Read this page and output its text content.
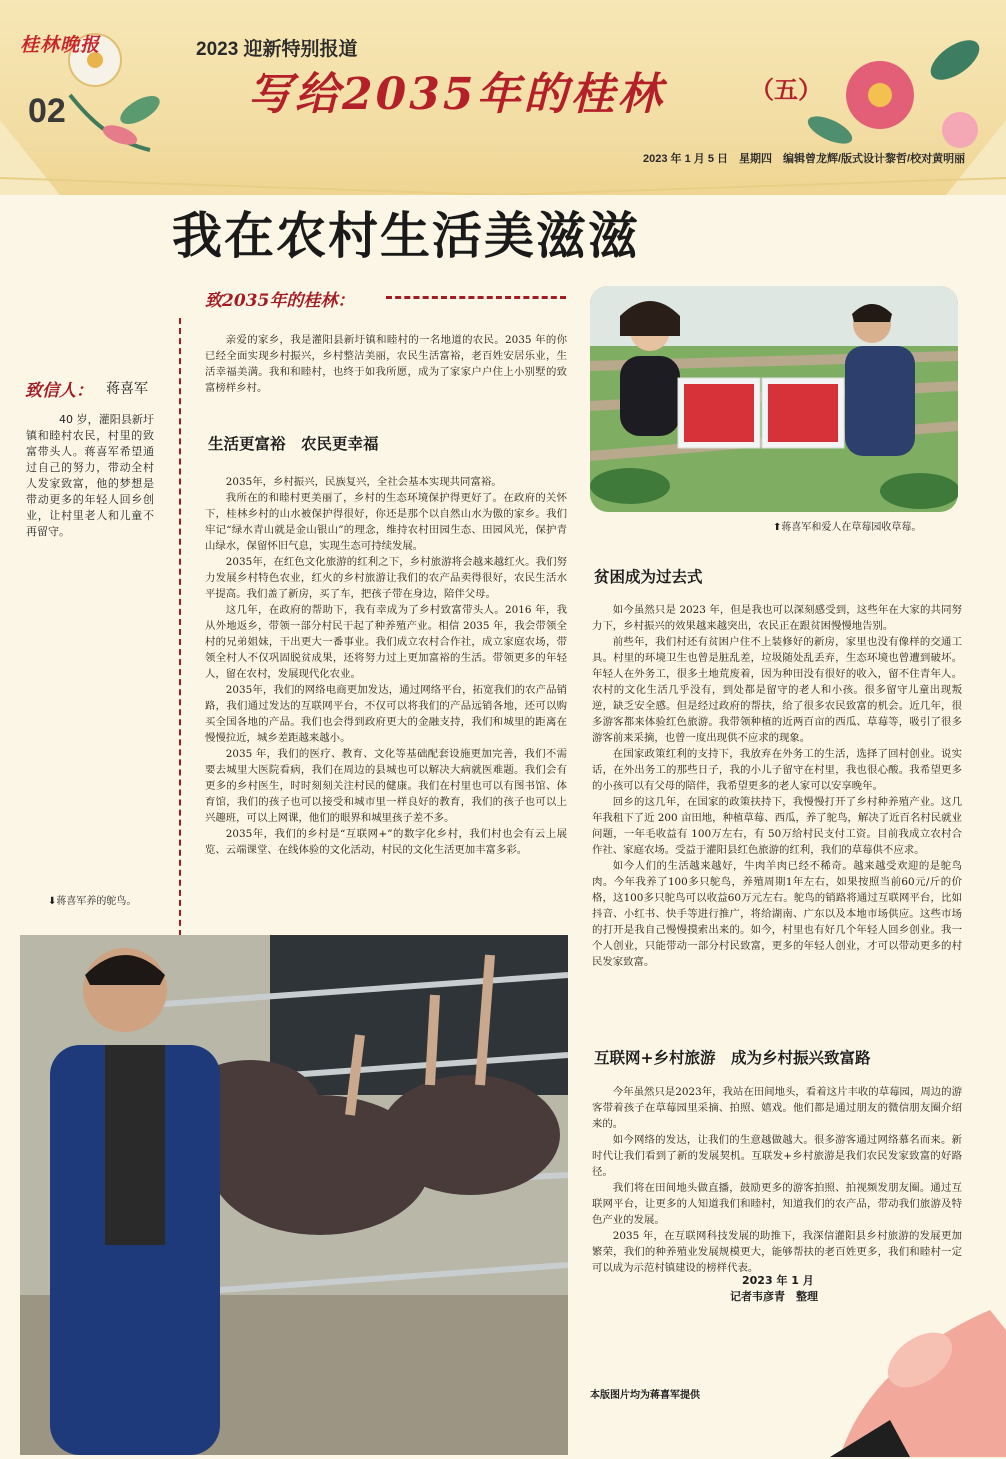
桂林晚报
02
2023 迎新特别报道
写给2035年的桂林	（五）
2023 年 1 月 5 日　星期四　编辑曾龙辉/版式设计黎哲/校对黄明丽
我在农村生活美滋滋
致2035年的桂林：

亲爱的家乡，我是灌阳县新圩镇和睦村的一名地道的农民。2035 年的你已经全面实现乡村振兴，乡村整洁美丽，农民生活富裕，老百姓安居乐业，生活幸福美满。我和和睦村，也终于如我所愿，成为了家家户户住上小别墅的致富榜样乡村。

致信人： 蒋喜军
40 岁，灌阳县新圩镇和睦村农民，村里的致富带头人。蒋喜军希望通过自己的努力，带动全村人发家致富，他的梦想是带动更多的年轻人回乡创业，让村里老人和儿童不再留守。
⬇蒋喜军养的鸵鸟。
生活更富裕　农民更幸福

2035年，乡村振兴，民族复兴，全社会基本实现共同富裕。

我所在的和睦村更美丽了，乡村的生态环境保护得更好了。在政府的关怀下，桂林乡村的山水被保护得很好，你还是那个以自然山水为傲的家乡。我们牢记“绿水青山就是金山银山”的理念，维持农村田园生态、田园风光，保护青山绿水，保留怀旧气息，实现生态可持续发展。

2035年，在红色文化旅游的红利之下，乡村旅游将会越来越红火。我们努力发展乡村特色农业，红火的乡村旅游让我们的农产品卖得很好，农民生活水平提高。我们盖了新房，买了车，把孩子带在身边，陪伴父母。

这几年，在政府的帮助下，我有幸成为了乡村致富带头人。2016 年，我从外地返乡，带领一部分村民干起了种养殖产业。相信 2035 年，我会带领全村的兄弟姐妹，干出更大一番事业。我们成立农村合作社，成立家庭农场，带领全村人不仅巩固脱贫成果，还将努力过上更加富裕的生活。带领更多的年轻人，留在农村，发展现代化农业。

2035年，我们的网络电商更加发达，通过网络平台，拓宽我们的农产品销路，我们通过发达的互联网平台，不仅可以将我们的产品远销各地，还可以购买全国各地的产品。我们也会得到政府更大的金融支持，我们和城里的距离在慢慢拉近，城乡差距越来越小。

2035 年，我们的医疗、教育、文化等基础配套设施更加完善，我们不需要去城里大医院看病，我们在周边的县城也可以解决大病就医难题。我们会有更多的乡村医生，时时刻刻关注村民的健康。我们在村里也可以有图书馆、体育馆，我们的孩子也可以接受和城市里一样良好的教育，我们的孩子也可以上兴趣班，可以上网课，他们的眼界和城里孩子差不多。

2035年，我们的乡村是“互联网+”的数字化乡村，我们村也会有云上展览、云端课堂、在线体验的文化活动，村民的文化生活更加丰富多彩。

⬆蒋喜军和爱人在草莓园收草莓。
贫困成为过去式

如今虽然只是 2023 年，但是我也可以深刻感受到，这些年在大家的共同努力下，乡村振兴的效果越来越突出，农民正在跟贫困慢慢地告别。

前些年，我们村还有贫困户住不上装修好的新房，家里也没有像样的交通工具。村里的环境卫生也曾是脏乱差，垃圾随处乱丢弃，生态环境也曾遭到破坏。年轻人在外务工，很多土地荒废着，因为种田没有很好的收入，留不住青年人。农村的文化生活几乎没有，到处都是留守的老人和小孩。很多留守儿童出现叛逆，缺乏安全感。但是经过政府的帮扶，给了很多农民致富的机会。近几年，很多游客都来体验红色旅游。我带领种植的近两百亩的西瓜、草莓等，吸引了很多游客前来采摘，也曾一度出现供不应求的现象。

在国家政策红利的支持下，我放弃在外务工的生活，选择了回村创业。说实话，在外出务工的那些日子，我的小儿子留守在村里，我也很心酸。我希望更多的小孩可以有父母的陪伴，我希望更多的老人家可以安享晚年。

回乡的这几年，在国家的政策扶持下，我慢慢打开了乡村种养殖产业。这几年我租下了近 200 亩田地，种植草莓、西瓜，养了鸵鸟，解决了近百名村民就业问题，一年毛收益有 100万左右，有 50万给村民支付工资。目前我成立农村合作社、家庭农场。受益于灌阳县红色旅游的红利，我们的草莓供不应求。

如今人们的生活越来越好，牛肉羊肉已经不稀奇。越来越受欢迎的是鸵鸟肉。今年我养了100多只鸵鸟，养殖周期1年左右，如果按照当前60元/斤的价格，这100多只鸵鸟可以收益60万元左右。鸵鸟的销路将通过互联网平台，比如抖音、小红书、快手等进行推广，将给湖南、广东以及本地市场供应。这些市场的打开是我自己慢慢摸索出来的。如今，村里也有好几个年轻人回乡创业。我一个人创业，只能带动一部分村民致富，更多的年轻人创业，才可以带动更多的村民发家致富。

互联网+乡村旅游　成为乡村振兴致富路

今年虽然只是2023年，我站在田间地头，看着这片丰收的草莓园，周边的游客带着孩子在草莓园里采摘、拍照、嬉戏。他们都是通过朋友的微信朋友圈介绍来的。

如今网络的发达，让我们的生意越做越大。很多游客通过网络慕名而来。新时代让我们看到了新的发展契机。互联发+乡村旅游是我们农民发家致富的好路径。

我们将在田间地头做直播，鼓励更多的游客拍照、拍视频发朋友圈。通过互联网平台，让更多的人知道我们和睦村，知道我们的农产品，带动我们旅游及特色产业的发展。

2035 年，在互联网科技发展的助推下，我深信灌阳县乡村旅游的发展更加繁荣，我们的种养殖业发展规模更大，能够帮扶的老百姓更多，我们和睦村一定可以成为示范村镇建设的榜样代表。

2023 年 1 月
记者韦彦青　整理
本版图片均为蒋喜军提供
